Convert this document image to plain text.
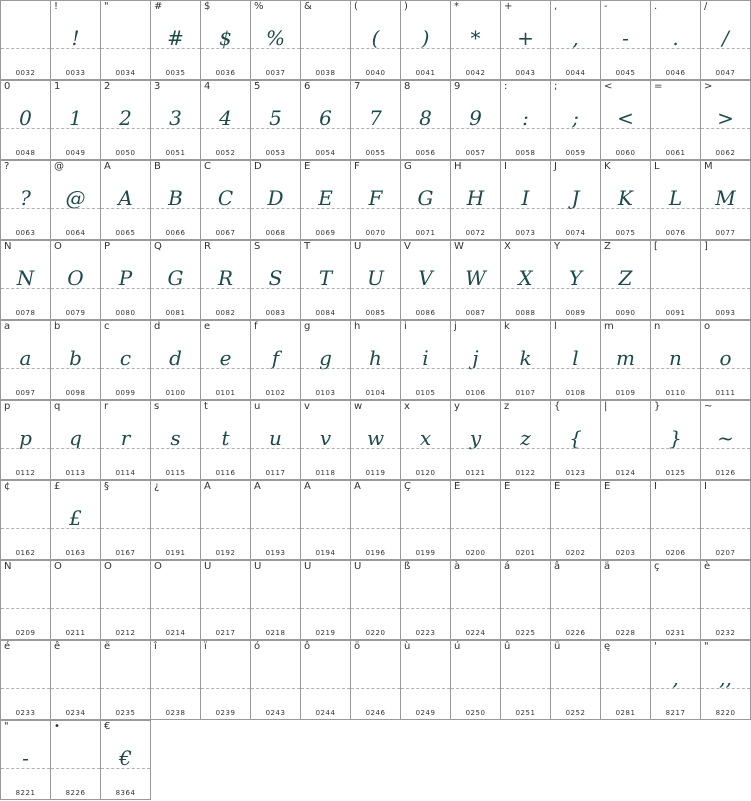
0032
!
!
0033
"
0034
#
#
0035
$
$
0036
%
%
0037
&
0038
(
(
0040
)
)
0041
*
*
0042
+
+
0043
,
,
0044
-
-
0045
.
.
0046
/
/
0047
0
0
0048
1
1
0049
2
2
0050
3
3
0051
4
4
0052
5
5
0053
6
6
0054
7
7
0055
8
8
0056
9
9
0057
:
:
0058
;
;
0059
<
<
0060
=
0061
>
>
0062
?
?
0063
@
@
0064
A
A
0065
B
B
0066
C
C
0067
D
D
0068
E
E
0069
F
F
0070
G
G
0071
H
H
0072
I
I
0073
J
J
0074
K
K
0075
L
L
0076
M
M
0077
N
N
0078
O
O
0079
P
P
0080
Q
G
0081
R
R
0082
S
S
0083
T
T
0084
U
U
0085
V
V
0086
W
W
0087
X
X
0088
Y
Y
0089
Z
Z
0090
[
0091
]
0093
a
a
0097
b
b
0098
c
c
0099
d
d
0100
e
e
0101
f
f
0102
g
g
0103
h
h
0104
i
i
0105
j
j
0106
k
k
0107
l
l
0108
m
m
0109
n
n
0110
o
o
0111
p
p
0112
q
q
0113
r
r
0114
s
s
0115
t
t
0116
u
u
0117
v
v
0118
w
w
0119
x
x
0120
y
y
0121
z
z
0122
{
{
0123
|
0124
}
}
0125
~
~
0126
¢
0162
£
£
0163
§
0167
¿
0191
À
0192
Á
0193
Â
0194
Ä
0196
Ç
0199
È
0200
É
0201
Ê
0202
Ë
0203
Î
0206
Ï
0207
Ñ
0209
Ó
0211
Ô
0212
Ö
0214
Ù
0217
Ú
0218
Û
0219
Ü
0220
ß
0223
à
0224
á
0225
â
0226
ä
0228
ç
0231
è
0232
é
0233
ê
0234
ë
0235
î
0238
ï
0239
ó
0243
ô
0244
ö
0246
ù
0249
ú
0250
û
0251
ü
0252
ę
0281
'
,
8217
"
,,
8220
"
-
8221
•
8226
€
€
8364
